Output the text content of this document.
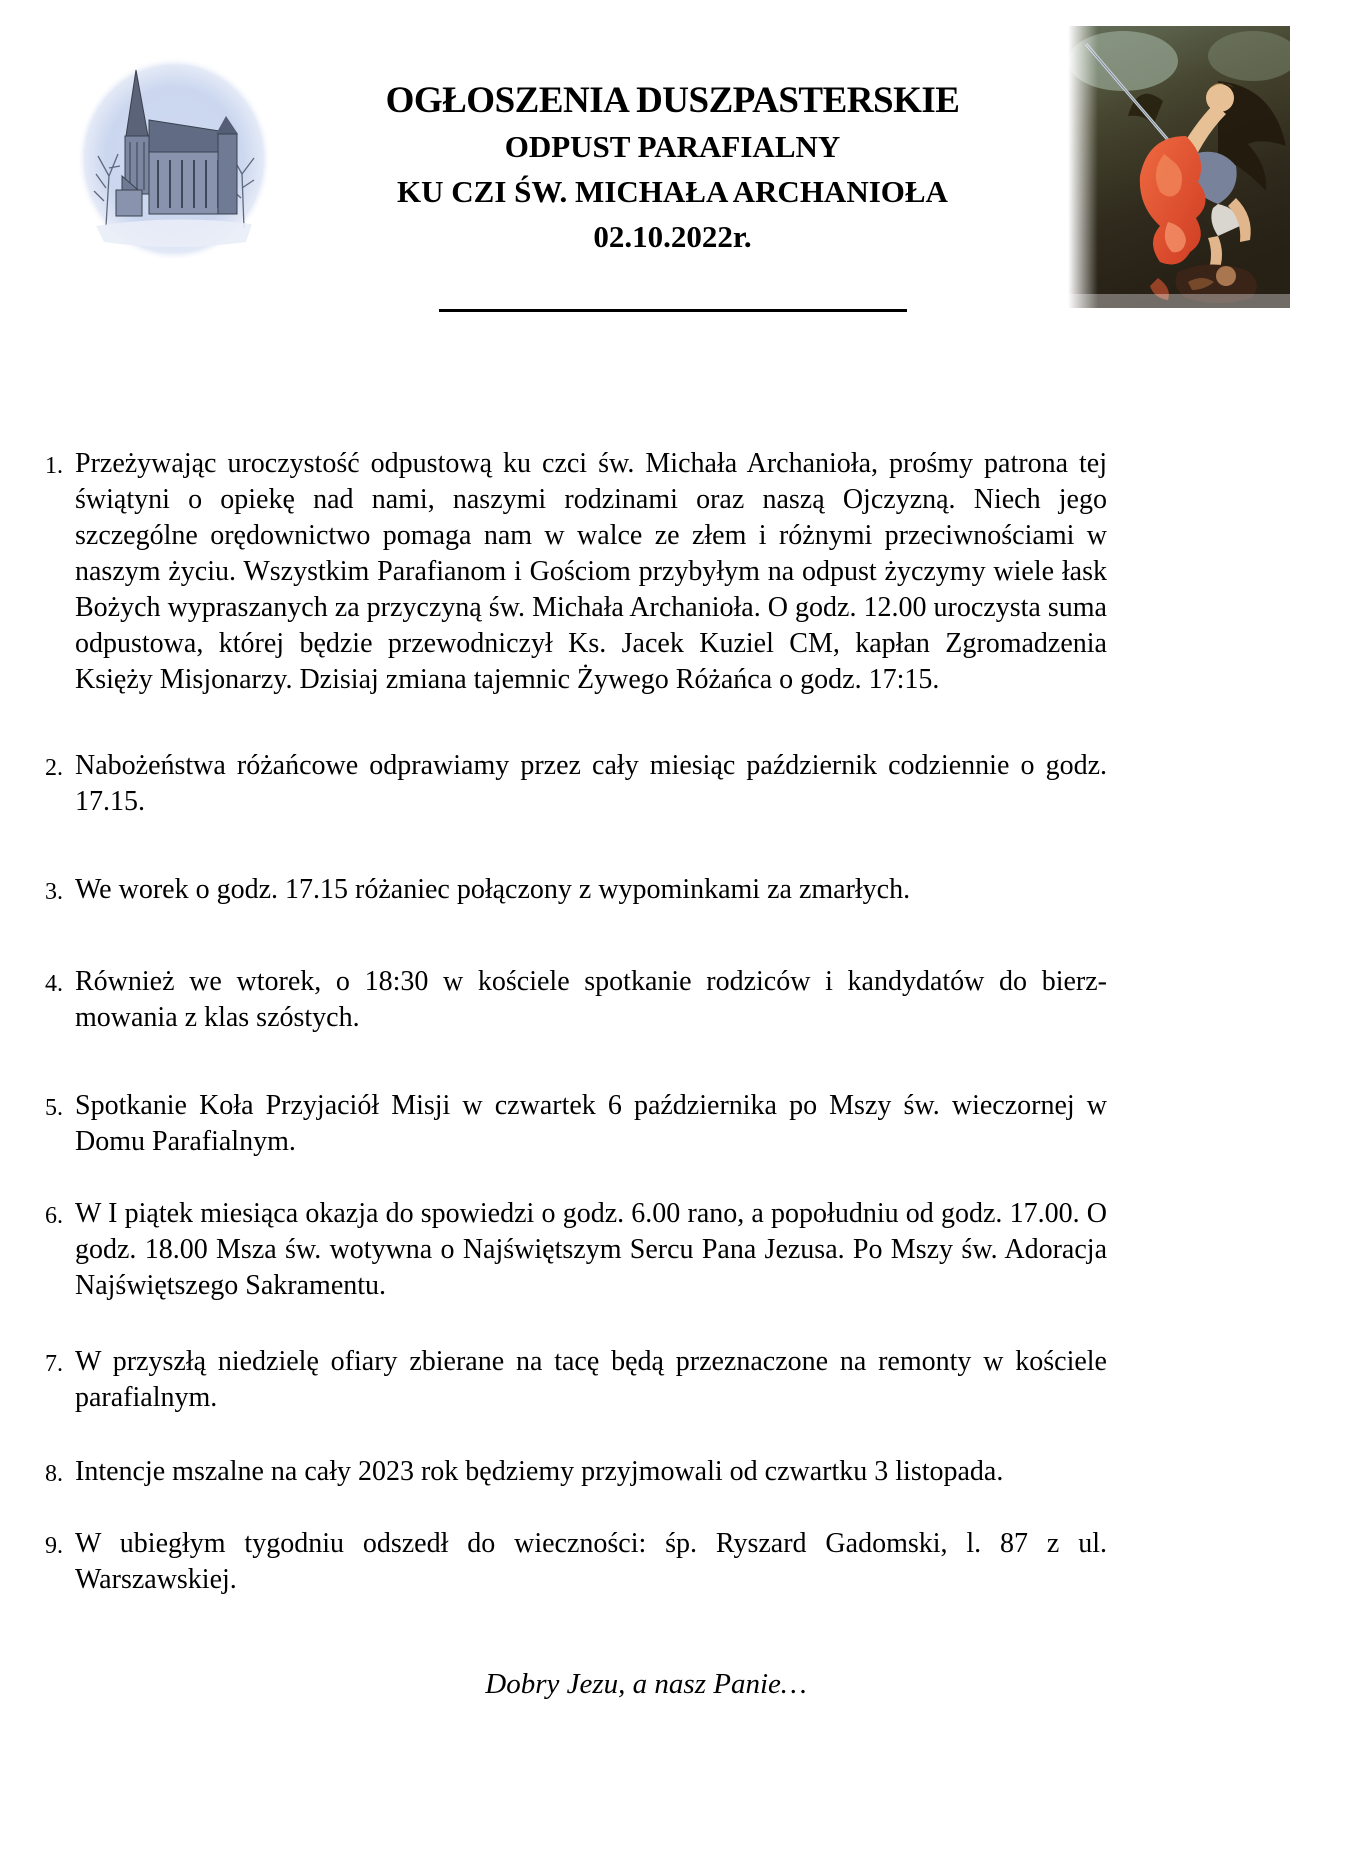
OGŁOSZENIA DUSZPASTERSKIE
ODPUST PARAFIALNY
KU CZI ŚW. MICHAŁA ARCHANIOŁA
02.10.2022r.
1. Przeżywając uroczystość odpustową ku czci św. Michała Archanioła, prośmy patrona tej świątyni o opiekę nad nami, naszymi rodzinami oraz naszą Ojczyzną. Niech jego szczególne orędownictwo pomaga nam w walce ze złem i różnymi przeciwnościami w naszym życiu. Wszystkim Parafianom i Gościom przybyłym na odpust życzymy wiele łask Bożych wypraszanych za przyczyną św. Michała Archanioła. O godz. 12.00 uroczysta suma odpustowa, której będzie przewodniczył Ks. Jacek Kuziel CM, kapłan Zgromadzenia Księży Misjonarzy. Dzisiaj zmiana tajemnic Żywego Różańca o godz. 17:15.
2. Nabożeństwa różańcowe odprawiamy przez cały miesiąc październik codziennie o godz. 17.15.
3. We worek o godz. 17.15 różaniec połączony z wypominkami za zmarłych.
4. Również we wtorek, o 18:30 w kościele spotkanie rodziców i kandydatów do bierzmowania z klas szóstych.
5. Spotkanie Koła Przyjaciół Misji w czwartek 6 października po Mszy św. wieczornej w Domu Parafialnym.
6. W I piątek miesiąca okazja do spowiedzi o godz. 6.00 rano, a popołudniu od godz. 17.00. O godz. 18.00 Msza św. wotywna o Najświętszym Sercu Pana Jezusa. Po Mszy św. Adoracja Najświętszego Sakramentu.
7. W przyszłą niedzielę ofiary zbierane na tacę będą przeznaczone na remonty w kościele parafialnym.
8. Intencje mszalne na cały 2023 rok będziemy przyjmowali od czwartku 3 listopada.
9. W ubiegłym tygodniu odszedł do wieczności: śp. Ryszard Gadomski, l. 87 z ul. Warszawskiej.
Dobry Jezu, a nasz Panie…
